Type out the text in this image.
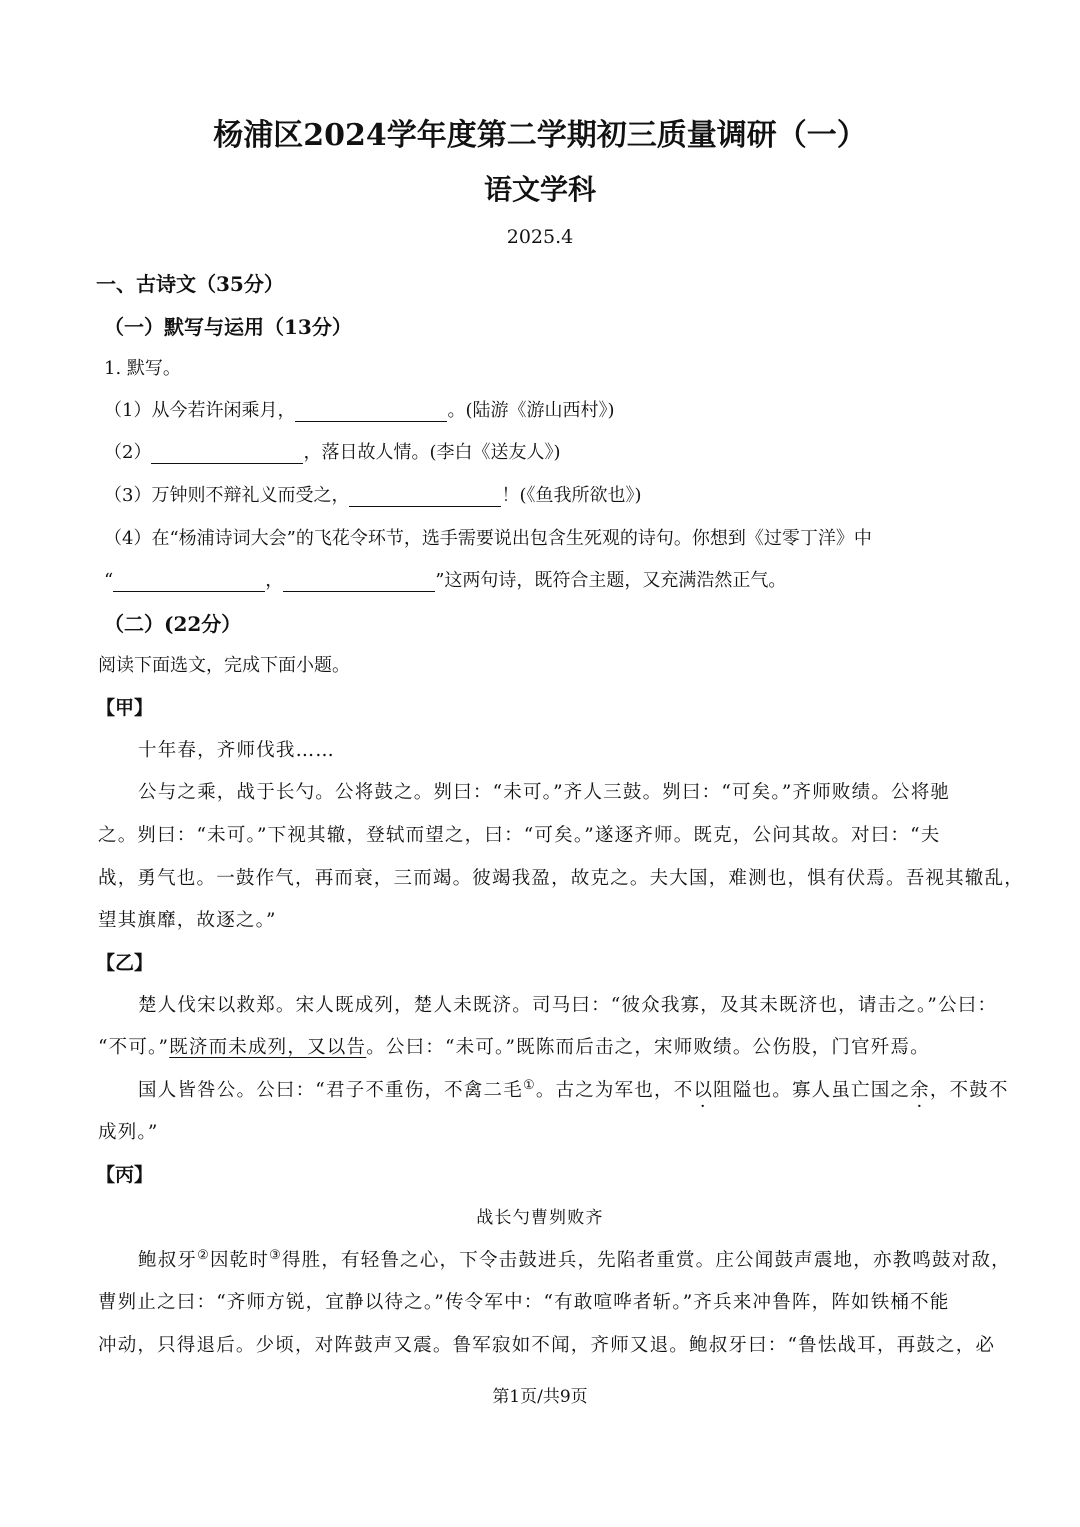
杨浦区2024学年度第二学期初三质量调研（一）
语文学科
2025.4
一、古诗文（35分）
（一）默写与运用（13分）
1. 默写。
（1）从今若许闲乘月，	。(陆游《游山西村》)
（2）	，落日故人情。(李白《送友人》)
（3）万钟则不辩礼义而受之，	！(《鱼我所欲也》)
（4）在“杨浦诗词大会”的飞花令环节，选手需要说出包含生死观的诗句。你想到《过零丁洋》中
“	，	”这两句诗，既符合主题，又充满浩然正气。
（二）(22分）
阅读下面选文，完成下面小题。
【甲】
十年春，齐师伐我……
公与之乘，战于长勺。公将鼓之。刿曰：“未可。”齐人三鼓。刿曰：“可矣。”齐师败绩。公将驰
之。刿曰：“未可。”下视其辙，登轼而望之，曰：“可矣。”遂逐齐师。既克，公问其故。对曰：“夫
战，勇气也。一鼓作气，再而衰，三而竭。彼竭我盈，故克之。夫大国，难测也，惧有伏焉。吾视其辙乱，
望其旗靡，故逐之。”
【乙】
楚人伐宋以救郑。宋人既成列，楚人未既济。司马曰：“彼众我寡，及其未既济也，请击之。”公曰：
“不可。”既济而未成列，又以告。公曰：“未可。”既陈而后击之，宋师败绩。公伤股，门官歼焉。
国人皆咎公。公曰：“君子不重伤，不禽二毛①。古之为军也，不以阻隘也。寡人虽亡国之余，不鼓不
成列。”
【丙】
战长勺曹刿败齐
鲍叔牙②因乾时③得胜，有轻鲁之心，下令击鼓进兵，先陷者重赏。庄公闻鼓声震地，亦教鸣鼓对敌，
曹刿止之曰：“齐师方锐，宜静以待之。”传令军中：“有敢喧哗者斩。”齐兵来冲鲁阵，阵如铁桶不能
冲动，只得退后。少顷，对阵鼓声又震。鲁军寂如不闻，齐师又退。鲍叔牙曰：“鲁怯战耳，再鼓之，必
第1页/共9页
